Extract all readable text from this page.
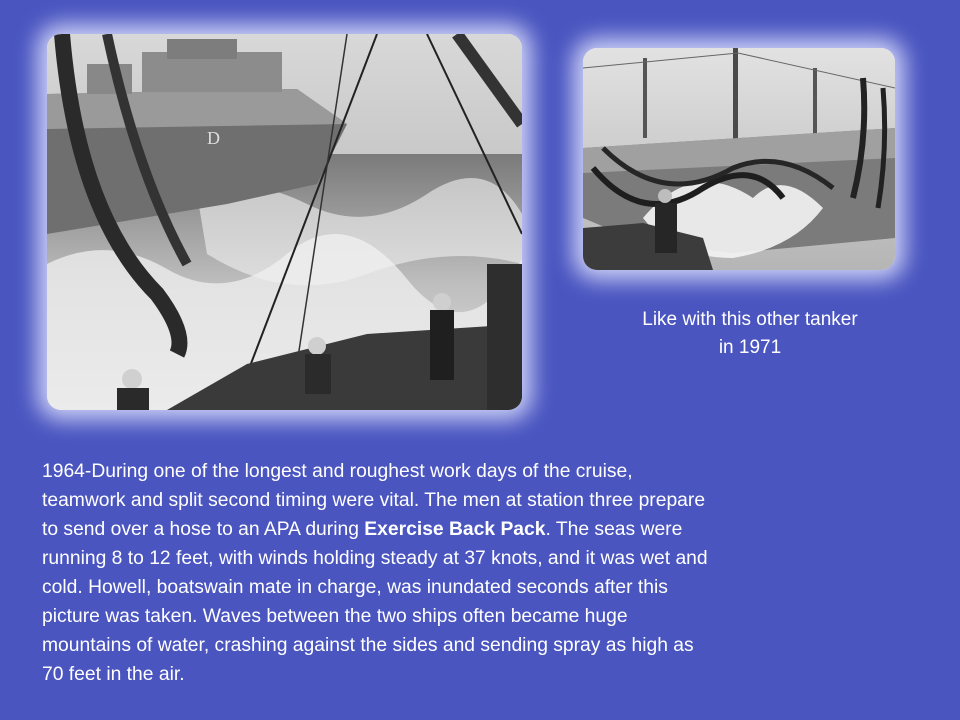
D
Like with this other tanker
in 1971
1964-During one of the longest and roughest work days of the cruise,
teamwork and split second timing were vital. The men at station three prepare
to send over a hose to an APA during Exercise Back Pack. The seas were
running 8 to 12 feet, with winds holding steady at 37 knots, and it was wet and
cold. Howell, boatswain mate in charge, was inundated seconds after this
picture was taken. Waves between the two ships often became huge
mountains of water, crashing against the sides and sending spray as high as
70 feet in the air.
